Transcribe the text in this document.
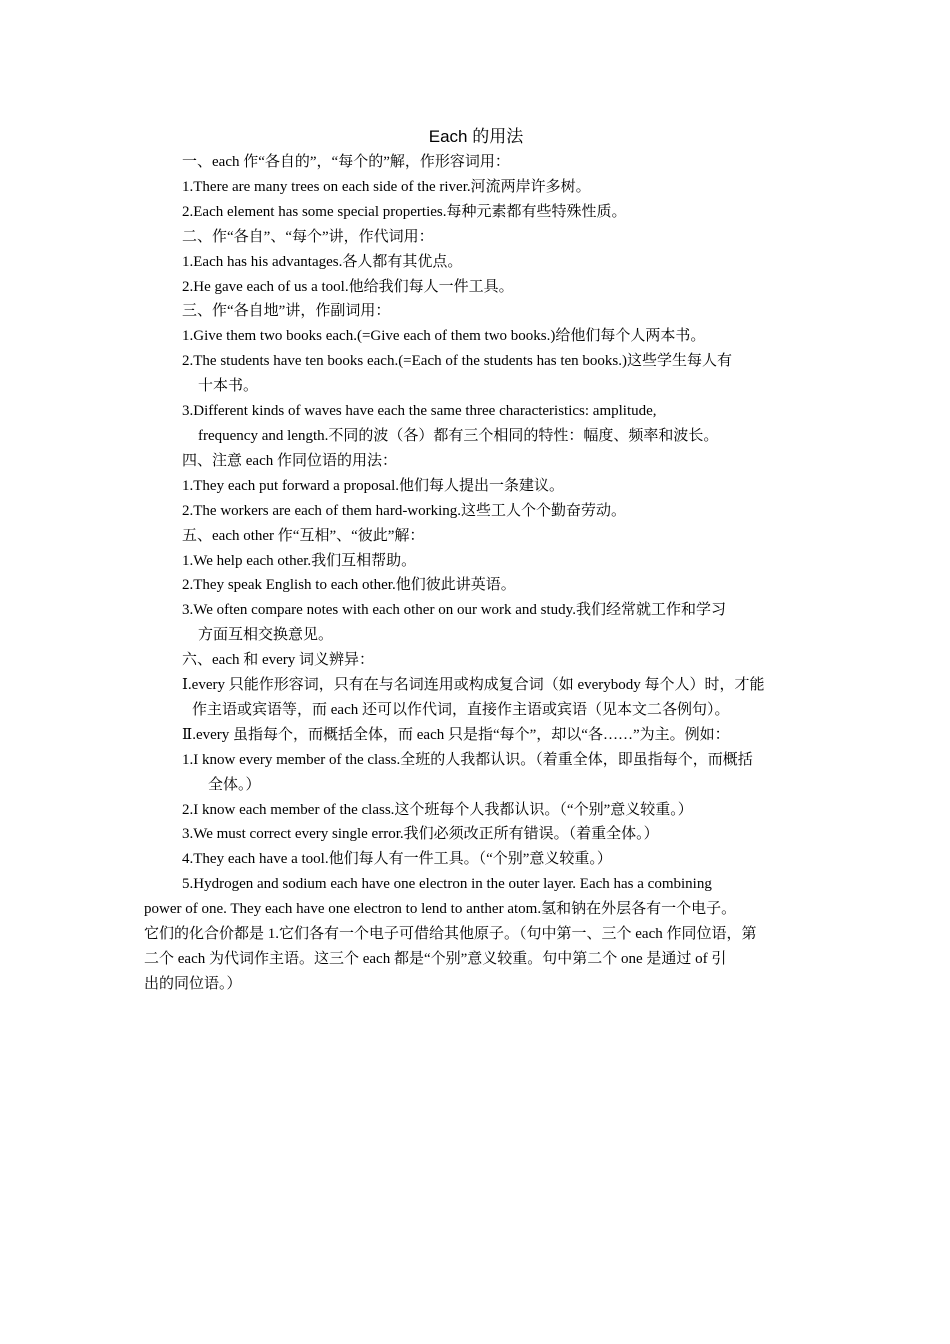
Each 的用法

一、each 作“各自的”，“每个的”解，作形容词用：

1.There are many trees on each side of the river.河流两岸许多树。

2.Each element has some special properties.每种元素都有些特殊性质。

二、作“各自”、“每个”讲，作代词用：

1.Each has his advantages.各人都有其优点。

2.He gave each of us a tool.他给我们每人一件工具。

三、作“各自地”讲，作副词用：

1.Give them two books each.(=Give each of them two books.)给他们每个人两本书。

2.The students have ten books each.(=Each of the students has ten books.)这些学生每人有
十本书。
3.Different kinds of waves have each the same three characteristics: amplitude,
frequency and length.不同的波（各）都有三个相同的特性：幅度、频率和波长。

四、注意 each 作同位语的用法：

1.They each put forward a proposal.他们每人提出一条建议。

2.The workers are each of them hard-working.这些工人个个勤奋劳动。

五、each other 作“互相”、“彼此”解：

1.We help each other.我们互相帮助。

2.They speak English to each other.他们彼此讲英语。

3.We often compare notes with each other on our work and study.我们经常就工作和学习
方面互相交换意见。

六、each 和 every 词义辨异：

Ⅰ.every 只能作形容词，只有在与名词连用或构成复合词（如 everybody 每个人）时，才能
作主语或宾语等，而 each 还可以作代词，直接作主语或宾语（见本文二各例句）。

Ⅱ.every 虽指每个，而概括全体，而 each 只是指“每个”，却以“各……”为主。例如：

1.I know every member of the class.全班的人我都认识。（着重全体，即虽指每个，而概括
全体。）

2.I know each member of the class.这个班每个人我都认识。（“个别”意义较重。）

3.We must correct every single error.我们必须改正所有错误。（着重全体。）

4.They each have a tool.他们每人有一件工具。（“个别”意义较重。）

5.Hydrogen and sodium each have one electron in the outer layer. Each has a combining
power of one. They each have one electron to lend to anther atom.氢和钠在外层各有一个电子。
它们的化合价都是 1.它们各有一个电子可借给其他原子。（句中第一、三个 each 作同位语，第
二个 each 为代词作主语。这三个 each 都是“个别”意义较重。句中第二个 one 是通过 of 引
出的同位语。）
